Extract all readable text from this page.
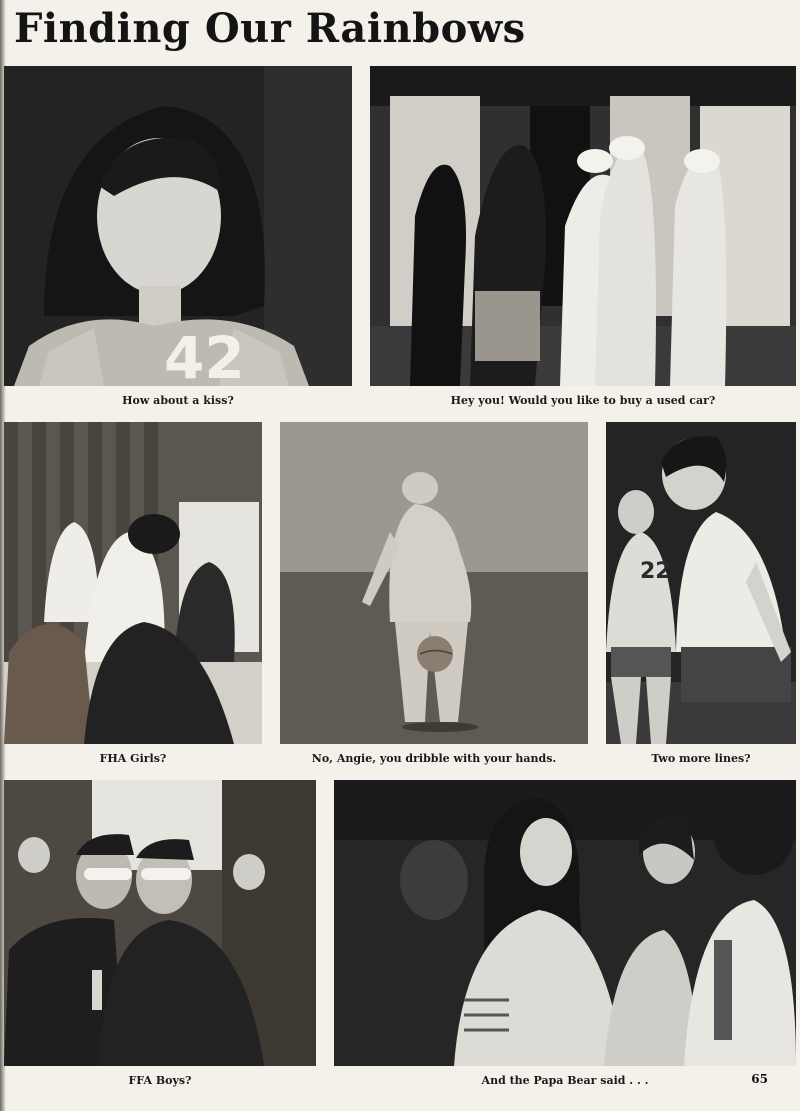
Finding Our Rainbows
42
How about a kiss?	Hey you! Would you like to buy a used car?
FHA Girls?	No, Angie, you dribble with your hands.
22
Two more lines?
FFA Boys?	And the Papa Bear said . . .	65
